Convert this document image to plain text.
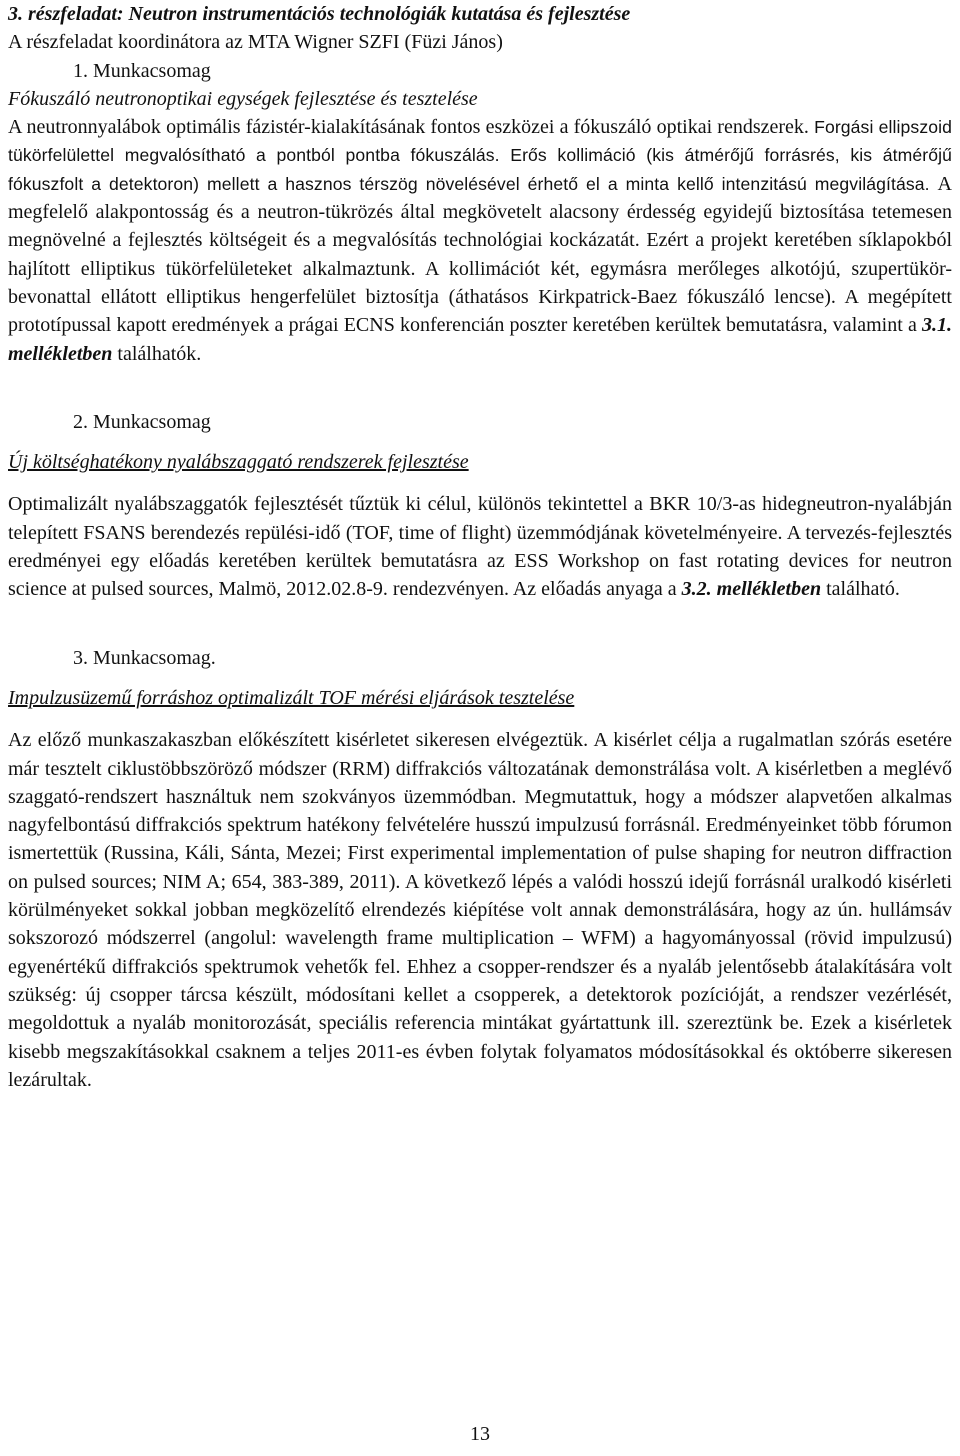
3. részfeladat: Neutron instrumentációs technológiák kutatása és fejlesztése

A részfeladat koordinátora az MTA Wigner SZFI (Füzi János)

1. Munkacsomag

Fókuszáló neutronoptikai egységek fejlesztése és tesztelése

A neutronnyalábok optimális fázistér-kialakításának fontos eszközei a fókuszáló optikai rendszerek. Forgási ellipszoid tükörfelülettel megvalósítható a pontból pontba fókuszálás. Erős kollimáció (kis átmérőjű forrásrés, kis átmérőjű fókuszfolt a detektoron) mellett a hasznos térszög növelésével érhető el a minta kellő intenzitású megvilágítása. A megfelelő alakpontosság és a neutron-tükrözés által megkövetelt alacsony érdesség egyidejű biztosítása tetemesen megnövelné a fejlesztés költségeit és a megvalósítás technológiai kockázatát. Ezért a projekt keretében síklapokból hajlított elliptikus tükörfelületeket alkalmaztunk. A kollimációt két, egymásra merőleges alkotójú, szupertükör-bevonattal ellátott elliptikus hengerfelület biztosítja (áthatásos Kirkpatrick-Baez fókuszáló lencse). A megépített prototípussal kapott eredmények a prágai ECNS konferencián poszter keretében kerültek bemutatásra, valamint a 3.1. mellékletben találhatók.

2. Munkacsomag

Új költséghatékony nyalábszaggató rendszerek fejlesztése

Optimalizált nyalábszaggatók fejlesztését tűztük ki célul, különös tekintettel a BKR 10/3-as hidegneutron-nyalábján telepített FSANS berendezés repülési-idő (TOF, time of flight) üzemmódjának követelményeire. A tervezés-fejlesztés eredményei egy előadás keretében kerültek bemutatásra az ESS Workshop on fast rotating devices for neutron science at pulsed sources, Malmö, 2012.02.8-9. rendezvényen. Az előadás anyaga a 3.2. mellékletben található.

3. Munkacsomag.

Impulzusüzemű forráshoz optimalizált TOF mérési eljárások tesztelése

Az előző munkaszakaszban előkészített kisérletet sikeresen elvégeztük. A kisérlet célja a rugalmatlan szórás esetére már tesztelt ciklustöbbszöröző módszer (RRM) diffrakciós változatának demonstrálása volt. A kisérletben a meglévő szaggató-rendszert használtuk nem szokványos üzemmódban. Megmutattuk, hogy a módszer alapvetően alkalmas nagyfelbontású diffrakciós spektrum hatékony felvételére husszú impulzusú forrásnál. Eredményeinket több fórumon ismertettük (Russina, Káli, Sánta, Mezei; First experimental implementation of pulse shaping for neutron diffraction on pulsed sources; NIM A; 654, 383-389, 2011). A következő lépés a valódi hosszú idejű forrásnál uralkodó kisérleti körülményeket sokkal jobban megközelítő elrendezés kiépítése volt annak demonstrálására, hogy az ún. hullámsáv sokszorozó módszerrel (angolul: wavelength frame multiplication – WFM) a hagyományossal (rövid impulzusú) egyenértékű diffrakciós spektrumok vehetők fel. Ehhez a csopper-rendszer és a nyaláb jelentősebb átalakítására volt szükség: új csopper tárcsa készült, módosítani kellet a csopperek, a detektorok pozícióját, a rendszer vezérlését, megoldottuk a nyaláb monitorozását, speciális referencia mintákat gyártattunk ill. szereztünk be. Ezek a kisérletek kisebb megszakításokkal csaknem a teljes 2011-es évben folytak folyamatos módosításokkal és októberre sikeresen lezárultak.

13
